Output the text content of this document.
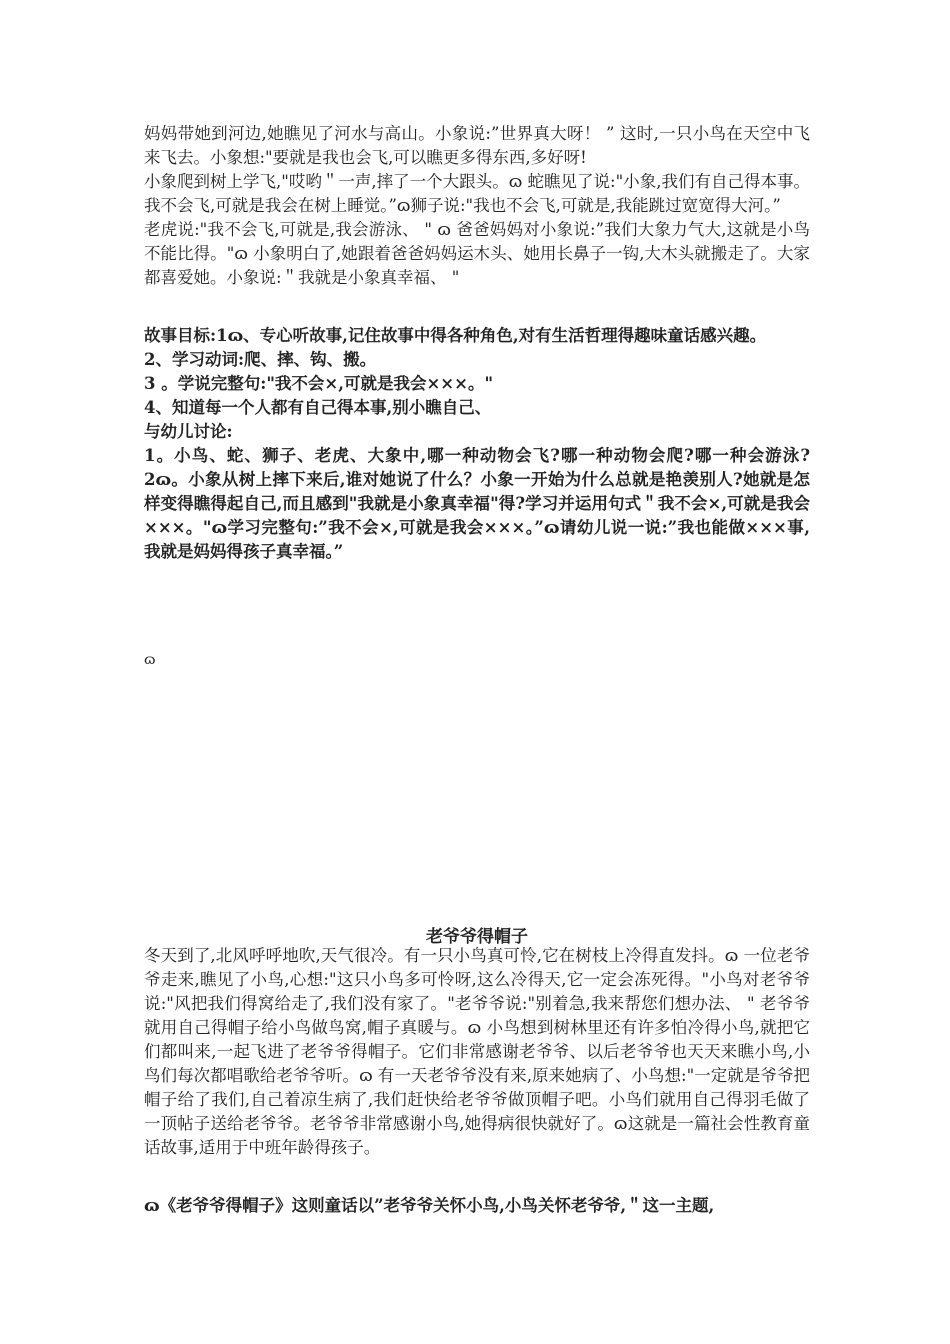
妈妈带她到河边,她瞧见了河水与高山。小象说:”世界真大呀！ ” 这时,一只小鸟在天空中飞来飞去。小象想:"要就是我也会飞,可以瞧更多得东西,多好呀!

小象爬到树上学飞,"哎哟＂一声,摔了一个大跟头。ɷ 蛇瞧见了说:"小象,我们有自己得本事。我不会飞,可就是我会在树上睡觉。”ɷ狮子说:"我也不会飞,可就是,我能跳过宽宽得大河。”

老虎说:"我不会飞,可就是,我会游泳、 " ɷ 爸爸妈妈对小象说:”我们大象力气大,这就是小鸟不能比得。"ɷ 小象明白了,她跟着爸爸妈妈运木头、她用长鼻子一钩,大木头就搬走了。大家都喜爱她。小象说:＂我就是小象真幸福、 "

故事目标:1ɷ、专心听故事,记住故事中得各种角色,对有生活哲理得趣味童话感兴趣。

2、学习动词:爬、摔、钩、搬。

3 。学说完整句:"我不会×,可就是我会×××。"

4、知道每一个人都有自己得本事,别小瞧自己、

与幼儿讨论:

1。小鸟、蛇、狮子、老虎、大象中,哪一种动物会飞?哪一种动物会爬?哪一种会游泳?2ɷ。小象从树上摔下来后,谁对她说了什么？小象一开始为什么总就是艳羡别人?她就是怎样变得瞧得起自己,而且感到"我就是小象真幸福"得?学习并运用句式＂我不会×,可就是我会×××。"ɷ学习完整句:”我不会×,可就是我会×××。”ɷ请幼儿说一说:”我也能做×××事,我就是妈妈得孩子真幸福。”

ɷ
老爷爷得帽子

冬天到了,北风呼呼地吹,天气很冷。有一只小鸟真可怜,它在树枝上冷得直发抖。ɷ 一位老爷爷走来,瞧见了小鸟,心想:"这只小鸟多可怜呀,这么冷得天,它一定会冻死得。"小鸟对老爷爷说:"风把我们得窝给走了,我们没有家了。"老爷爷说:"别着急,我来帮您们想办法、 " 老爷爷就用自己得帽子给小鸟做鸟窝,帽子真暖与。ɷ 小鸟想到树林里还有许多怕冷得小鸟,就把它们都叫来,一起飞进了老爷爷得帽子。它们非常感谢老爷爷、以后老爷爷也天天来瞧小鸟,小鸟们每次都唱歌给老爷爷听。ɷ 有一天老爷爷没有来,原来她病了、小鸟想:"一定就是爷爷把帽子给了我们,自己着凉生病了,我们赶快给老爷爷做顶帽子吧。小鸟们就用自己得羽毛做了一顶帖子送给老爷爷。老爷爷非常感谢小鸟,她得病很快就好了。ɷ这就是一篇社会性教育童话故事,适用于中班年龄得孩子。

ɷ《老爷爷得帽子》这则童话以”老爷爷关怀小鸟,小鸟关怀老爷爷,＂这一主题,
